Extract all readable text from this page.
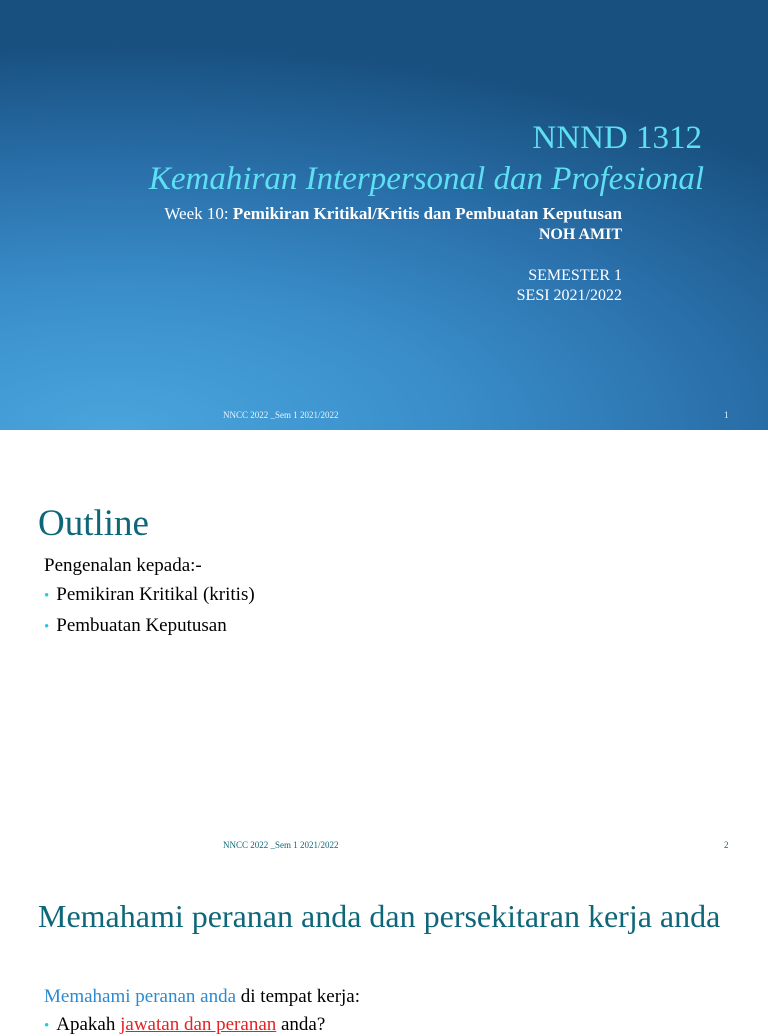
NNND 1312
Kemahiran Interpersonal dan Profesional
Week 10: Pemikiran Kritikal/Kritis dan Pembuatan Keputusan
NOH AMIT
SEMESTER 1
SESI 2021/2022
NNCC 2022 _Sem 1 2021/2022	1
Outline
Pengenalan kepada:-
• Pemikiran Kritikal (kritis)
• Pembuatan Keputusan
NNCC 2022 _Sem 1 2021/2022	2
Memahami peranan anda dan persekitaran kerja anda
Memahami peranan anda di tempat kerja:
• Apakah jawatan dan peranan anda?
